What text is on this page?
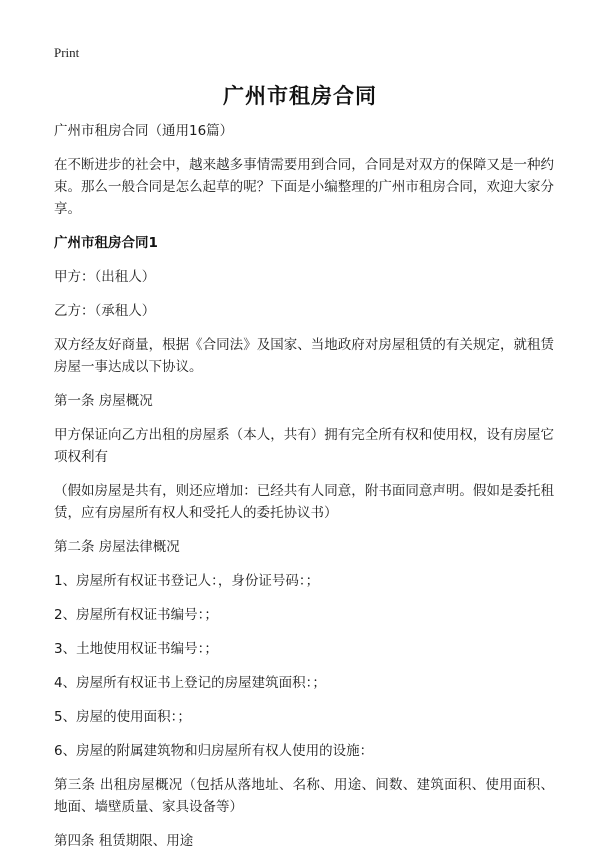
Print
广州市租房合同

广州市租房合同（通用16篇）

在不断进步的社会中，越来越多事情需要用到合同，合同是对双方的保障又是一种约束。那么一般合同是怎么起草的呢？下面是小编整理的广州市租房合同，欢迎大家分享。

广州市租房合同1

甲方：（出租人）

乙方：（承租人）

双方经友好商量，根据《合同法》及国家、当地政府对房屋租赁的有关规定，就租赁房屋一事达成以下协议。

第一条 房屋概况

甲方保证向乙方出租的房屋系（本人，共有）拥有完全所有权和使用权，设有房屋它项权利有

（假如房屋是共有，则还应增加：已经共有人同意，附书面同意声明。假如是委托租赁，应有房屋所有权人和受托人的委托协议书）

第二条 房屋法律概况

1、房屋所有权证书登记人：，身份证号码：；

2、房屋所有权证书编号：；

3、土地使用权证书编号：；

4、房屋所有权证书上登记的房屋建筑面积：；

5、房屋的使用面积：；

6、房屋的附属建筑物和归房屋所有权人使用的设施：

第三条 出租房屋概况（包括从落地址、名称、用途、间数、建筑面积、使用面积、地面、墙壁质量、家具设备等）

第四条 租赁期限、用途
